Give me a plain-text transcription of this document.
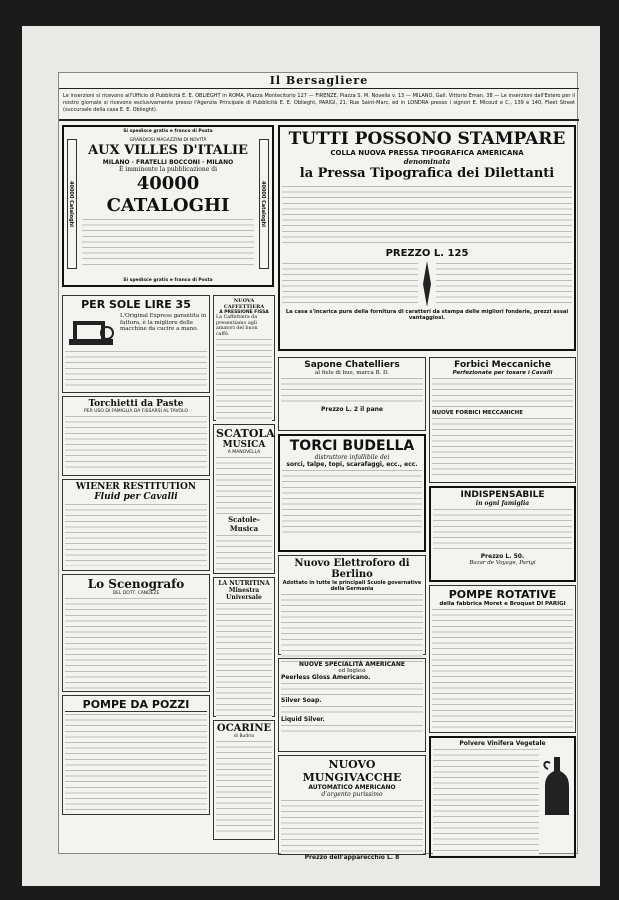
Il Bersagliere
Le inserzioni si ricevono all'Ufficio di Pubblicità E. E. OBLIEGHT in ROMA, Piazza Montecitorio 127 — FIRENZE, Piazza S. M. Novella v. 13 — MILANO, Gall. Vittorio Eman. 38 — Le inserzioni dall'Estero per il nostro giornale si ricevono esclusivamente presso l'Agenzia Principale di Pubblicità E. E. Oblieght, PARIGI, 21, Rue Saint-Marc, ed in LONDRA presso i signori E. Micoud e C., 139 e 140, Fleet Street (succursale della casa E. E. Oblieght).
Si spedisce gratis e franco di Posta
40000 Cataloghi	40000 Cataloghi
GRANDIOSI MAGAZZINI DI NOVITÀ
AUX VILLES D'ITALIE
MILANO · FRATELLI BOCCONI · MILANO
È imminente la pubblicazione di
40000 CATALOGHI
Si spedisce gratis e franco di Posta
PER SOLE LIRE 35
L'Original Express garantita in fattura, è la migliore delle macchine da cucire a mano.
Torchietti da Paste
PER USO DI FAMIGLIA DA FISSARSI AL TAVOLO
WIENER RESTITUTION
Fluid per Cavalli
Lo Scenografo
DEL DOTT. CANDEZE
POMPE DA POZZI
NUOVA CAFFETTIERA
A PRESSIONE FISSA
La Caffettiera da presentiamo agli amatori del buon caffè.
SCATOLA
MUSICA
A MANOVELLA
Scatole-Musica
LA NUTRITINA
Minestra Universale
OCARINE
di Budrio
TUTTI POSSONO STAMPARE
COLLA NUOVA PRESSA TIPOGRAFICA AMERICANA
denominata
la Pressa Tipografica dei Dilettanti
PREZZO L. 125
La casa s'incarica pure della fornitura di caratteri da stampa delle migliori fonderie, prezzi assai vantaggiosi.
Sapone Chatelliers
al fiele di bue, marca B. D.
Prezzo L. 2 il pane
TORCI BUDELLA
distruttore infallibile dei
sorci, talpe, topi, scarafaggi, ecc., ecc.
Nuovo Elettroforo di Berlino
Adottato in tutte le principali Scuole governative della Germania
NUOVE SPECIALITÀ AMERICANE
ed Inglesi
Peerless Gloss Americano.
Silver Soap.
Liquid Silver.
NUOVO MUNGIVACCHE
AUTOMATICO AMERICANO
d'argento purissimo
Prezzo dell'apparecchio L. 8
Forbici Meccaniche
Perfezionate per tosare i Cavalli
NUOVE FORBICI MECCANICHE
INDISPENSABILE
in ogni famiglia
Prezzo L. 50.
Bazar de Voyage, Parigi
POMPE ROTATIVE
della fabbrica Moret e Broquet DI PARIGI
Polvere Vinifera Vegetale
